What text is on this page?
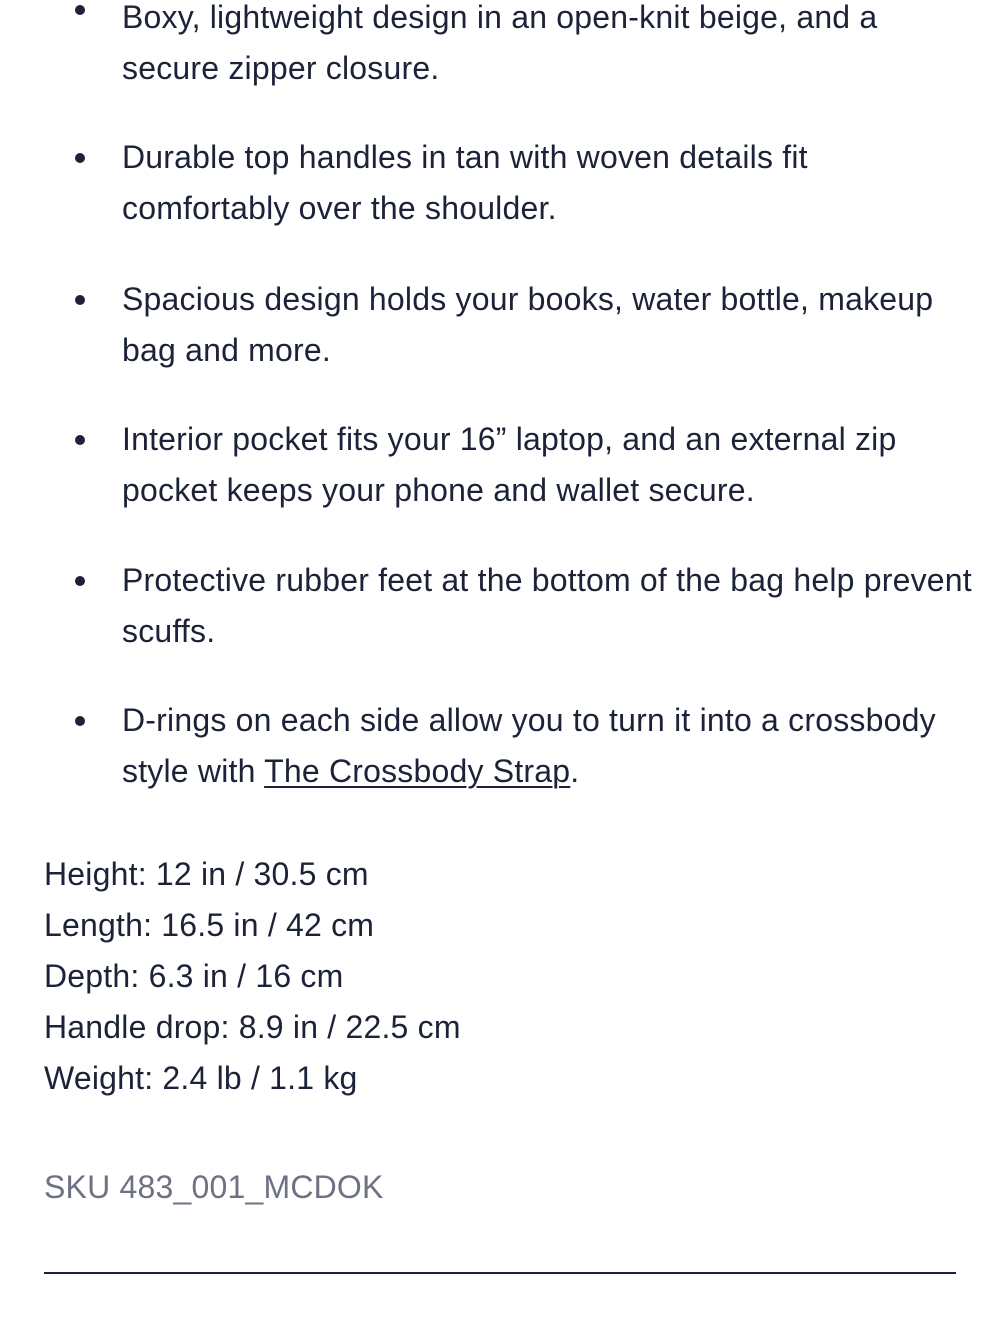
Boxy, lightweight design in an open-knit beige, and a secure zipper closure.
Durable top handles in tan with woven details fit comfortably over the shoulder.
Spacious design holds your books, water bottle, makeup bag and more.
Interior pocket fits your 16” laptop, and an external zip pocket keeps your phone and wallet secure.
Protective rubber feet at the bottom of the bag help prevent scuffs.
D-rings on each side allow you to turn it into a crossbody style with The Crossbody Strap.
Height: 12 in / 30.5 cm
Length: 16.5 in / 42 cm
Depth: 6.3 in / 16 cm
Handle drop: 8.9 in / 22.5 cm
Weight: 2.4 lb / 1.1 kg
SKU 483_001_MCDOK
